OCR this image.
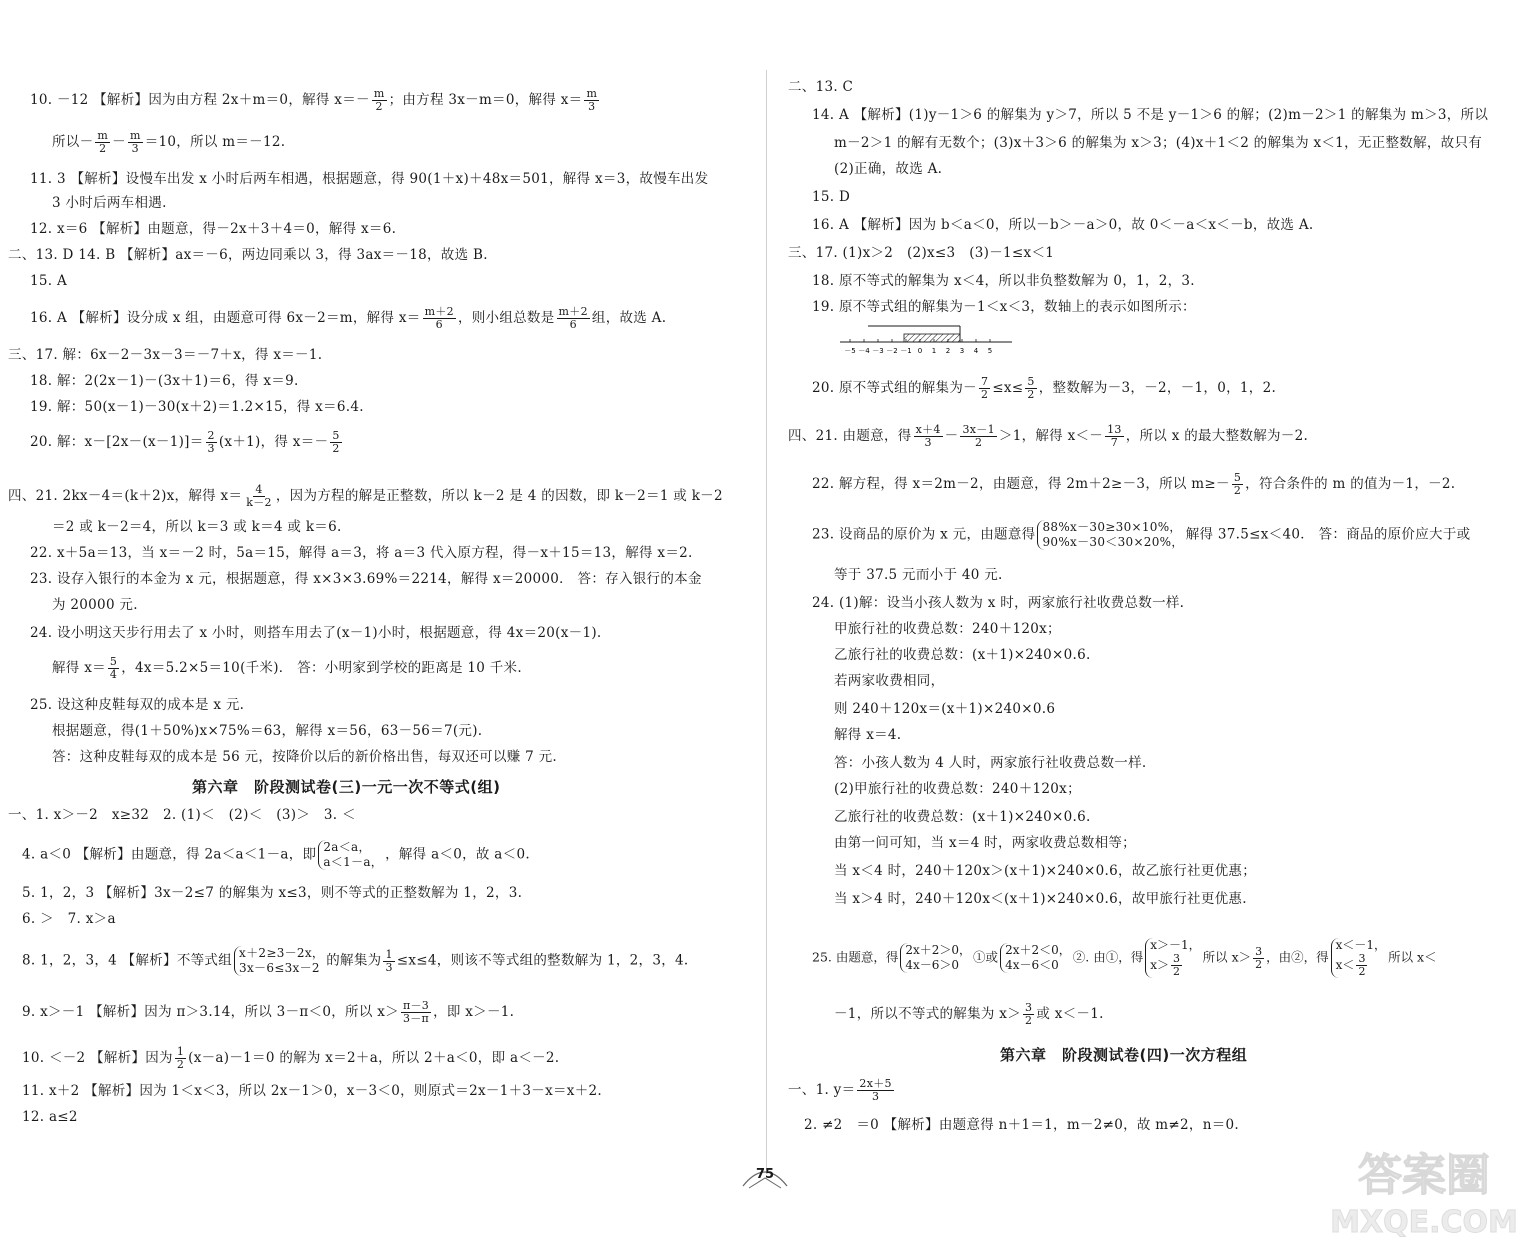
10. －12 【解析】因为由方程 2x＋m＝0，解得 $x=- \frac{m}{2}$ ；由方程 3x－m＝0，解得 $x= \frac{m}{3}$
所以－ $\frac{m}{2} - \frac{m}{3} =10$，所以 m＝－12.
11. 3 【解析】设慢车出发 x 小时后两车相遇，根据题意，得 90(1＋x)＋48x＝501，解得 x＝3，故慢车出发
3 小时后两车相遇.
12. x＝6 【解析】由题意，得－2x＋3＋4＝0，解得 x＝6.
二、13. D 14. B 【解析】ax＝－6，两边同乘以 3，得 3ax＝－18，故选 B.
15. A
16. A 【解析】设分成 x 组，由题意可得 6x－2＝m，解得 $x= \frac{m+2}{6}$ ，则小组总数是 $\frac{m+2}{6}$ 组，故选 A.
三、17. 解：6x－2－3x－3＝－7＋x，得 x＝－1.
18. 解：2(2x－1)－(3x＋1)＝6，得 x＝9.
19. 解：50(x－1)－30(x＋2)＝1.2×15，得 x＝6.4.
20. 解：$x-[2x-(x-1)]= \frac{2}{3} (x+1)$，得 $x=- \frac{5}{2}$
四、21. 2kx－4＝(k＋2)x，解得 $x= \frac{4}{k-2}$ ，因为方程的解是正整数，所以 k－2 是 4 的因数，即 k－2＝1 或 k－2
＝2 或 k－2＝4，所以 k＝3 或 k＝4 或 k＝6.
22. x＋5a＝13，当 x＝－2 时，5a＝15，解得 a＝3，将 a＝3 代入原方程，得－x＋15＝13，解得 x＝2.
23. 设存入银行的本金为 x 元，根据题意，得 x×3×3.69%＝2214，解得 x＝20000． 答：存入银行的本金
为 20000 元.
24. 设小明这天步行用去了 x 小时，则搭车用去了(x－1)小时，根据题意，得 4x＝20(x－1).
解得 $x= \frac{5}{4}$ ，4x＝5.2×5＝10(千米)． 答：小明家到学校的距离是 10 千米.
25. 设这种皮鞋每双的成本是 x 元.
根据题意，得(1＋50%)x×75%＝63，解得 x＝56，63－56＝7(元).
答：这种皮鞋每双的成本是 56 元，按降价以后的新价格出售，每双还可以赚 7 元.
第六章　阶段测试卷(三)一元一次不等式(组)
一、1. x＞－2　x≥32　2. (1)＜　(2)＜　(3)＞　3. ＜
4. a＜0 【解析】由题意，得 2a＜a＜1－a，即 2a＜a，
a＜1－a， ，解得 a＜0，故 a＜0.
5. 1，2，3 【解析】3x－2≤7 的解集为 x≤3，则不等式的正整数解为 1，2，3.
6. ＞　7. x＞a
8. 1，2，3，4 【解析】不等式组 x＋2≥3－2x，
3x－6≤3x－2 的解集为 $\frac{1}{3} \le x\le 4$，则该不等式组的整数解为 1，2，3，4.
9. x＞－1 【解析】因为 π＞3.14，所以 3－π＜0，所以 $x> \frac{\pi-3}{3-\pi}$ ，即 x＞－1.
10. ＜－2 【解析】因为 $\frac{1}{2} (x-a)-1=0$ 的解为 x＝2＋a，所以 2＋a＜0，即 a＜－2.
11. x＋2 【解析】因为 1＜x＜3，所以 2x－1＞0，x－3＜0，则原式＝2x－1＋3－x＝x＋2.
12. a≤2
二、13. C
14. A 【解析】(1)y－1＞6 的解集为 y＞7，所以 5 不是 y－1＞6 的解；(2)m－2＞1 的解集为 m＞3，所以
m－2＞1 的解有无数个；(3)x＋3＞6 的解集为 x＞3；(4)x＋1＜2 的解集为 x＜1，无正整数解，故只有
(2)正确，故选 A.
15. D
16. A 【解析】因为 b＜a＜0，所以－b＞－a＞0，故 0＜－a＜x＜－b，故选 A.
三、17. (1)x＞2　(2)x≤3　(3)－1≤x＜1
18. 原不等式的解集为 x＜4，所以非负整数解为 0，1，2，3.
19. 原不等式组的解集为－1＜x＜3，数轴上的表示如图所示：
20. 原不等式组的解集为－ $\frac{7}{2} \le x\le \frac{5}{2}$ ，整数解为－3，－2，－1，0，1，2.
四、21. 由题意，得 $\frac{x+4}{3} - \frac{3x-1}{2} >1$，解得 $x<- \frac{13}{7}$ ，所以 x 的最大整数解为－2.
22. 解方程，得 x＝2m－2，由题意，得 2m＋2≥－3，所以 $m\ge- \frac{5}{2}$ ，符合条件的 m 的值为－1，－2.
23. 设商品的原价为 x 元，由题意得 88%x－30≥30×10%，
90%x－30＜30×20%， 解得 37.5≤x＜40． 答：商品的原价应大于或
等于 37.5 元而小于 40 元.
24. (1)解：设当小孩人数为 x 时，两家旅行社收费总数一样.
甲旅行社的收费总数：240＋120x；
乙旅行社的收费总数：(x＋1)×240×0.6.
若两家收费相同，
则 240＋120x＝(x＋1)×240×0.6
解得 x＝4.
答：小孩人数为 4 人时，两家旅行社收费总数一样.
(2)甲旅行社的收费总数：240＋120x；
乙旅行社的收费总数：(x＋1)×240×0.6.
由第一问可知，当 x＝4 时，两家收费总数相等；
当 x＜4 时，240＋120x＞(x＋1)×240×0.6，故乙旅行社更优惠；
当 x＞4 时，240＋120x＜(x＋1)×240×0.6，故甲旅行社更优惠.
25. 由题意，得 2x＋2＞0，
4x－6＞0
①或 2x＋2＜0，
4x－6＜0
②. 由①，得
x＞－1，
$x> \frac{3}{2}$ 所以 $x> \frac{3}{2}$ ，由②，得
x＜－1，
$x< \frac{3}{2}$ 所以 x＜
－1，所以不等式的解集为 $x> \frac{3}{2}$ 或 x＜－1.
第六章　阶段测试卷(四)一次方程组
一、1. $y= \frac{2x+5}{3}$
2. ≠2　＝0 【解析】由题意得 n＋1＝1，m－2≠0，故 m≠2，n＝0.
－5 －4 －3 －2 －1 0 1 2 3 4 5
75	答案圈
MXQE.COM
